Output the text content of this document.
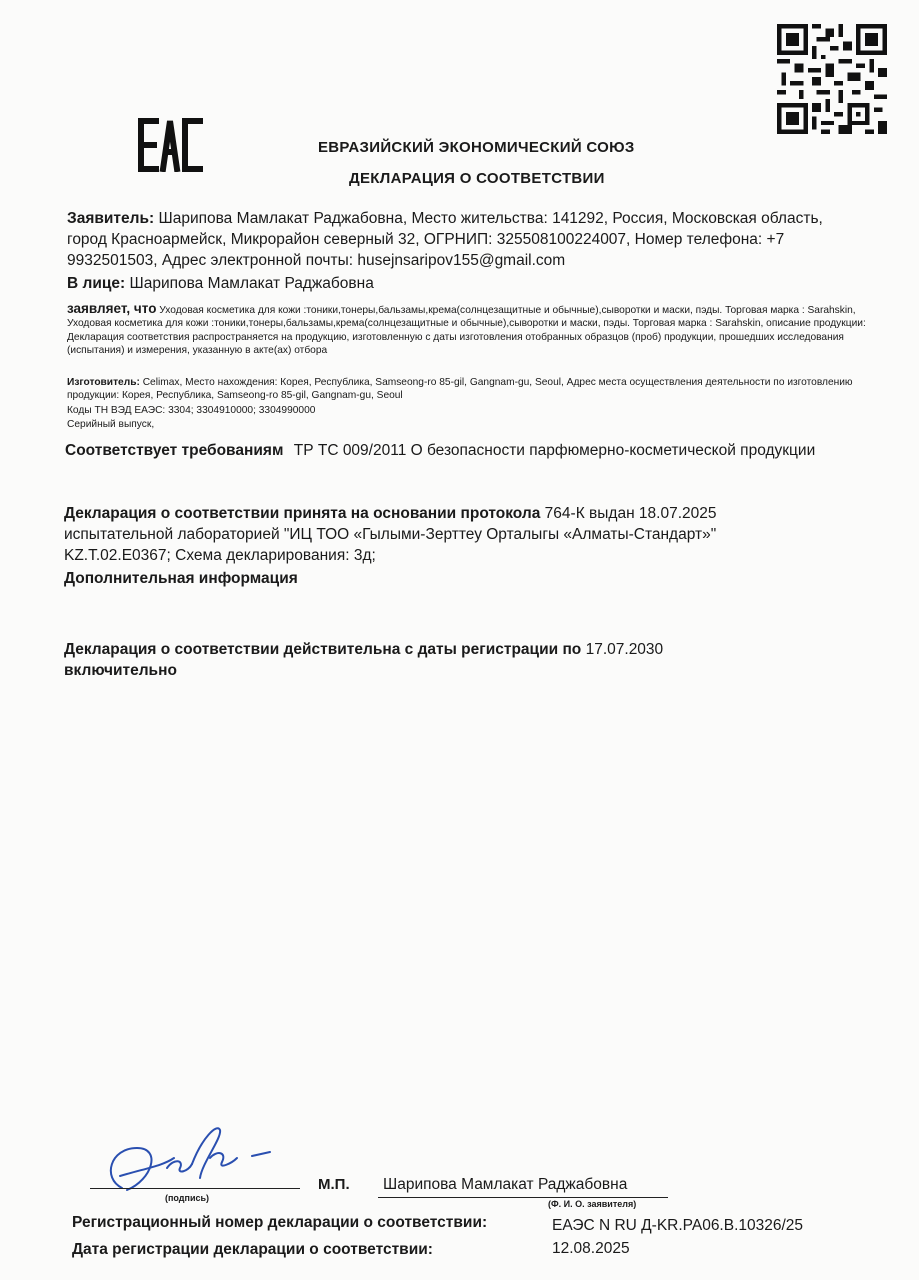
ЕВРАЗИЙСКИЙ ЭКОНОМИЧЕСКИЙ СОЮЗ
ДЕКЛАРАЦИЯ О СООТВЕТСТВИИ
Заявитель: Шарипова Мамлакат Раджабовна, Место жительства: 141292, Россия, Московская область, город Красноармейск, Микрорайон северный 32, ОГРНИП: 325508100224007, Номер телефона: +7 9932501503, Адрес электронной почты: husejnsaripov155@gmail.com
В лице: Шарипова Мамлакат Раджабовна
заявляет, что Уходовая косметика для кожи :тоники,тонеры,бальзамы,крема(солнцезащитные и обычные),сыворотки и маски, пэды. Торговая марка : Sarahskin, Уходовая косметика для кожи :тоники,тонеры,бальзамы,крема(солнцезащитные и обычные),сыворотки и маски, пэды. Торговая марка : Sarahskin, описание продукции: Декларация соответствия распространяется на продукцию, изготовленную с даты изготовления отобранных образцов (проб) продукции, прошедших исследования (испытания) и измерения, указанную в акте(ах) отбора
Изготовитель: Celimax, Место нахождения: Корея, Республика, Samseong-ro 85-gil, Gangnam-gu, Seoul, Адрес места осуществления деятельности по изготовлению продукции: Корея, Республика, Samseong-ro 85-gil, Gangnam-gu, Seoul
Коды ТН ВЭД ЕАЭС: 3304; 3304910000; 3304990000
Серийный выпуск,
Соответствует требованиям ТР ТС 009/2011 О безопасности парфюмерно-косметической продукции
Декларация о соответствии принята на основании протокола 764-К выдан 18.07.2025 испытательной лабораторией "ИЦ ТОО «Гылыми-Зерттеу Орталыгы «Алматы-Стандарт»" KZ.T.02.E0367; Схема декларирования: 3д;
Дополнительная информация
Декларация о соответствии действительна с даты регистрации по 17.07.2030
включительно
(подпись)
М.П. Шарипова Мамлакат Раджабовна
(Ф. И. О. заявителя)
Регистрационный номер декларации о соответствии:	ЕАЭС N RU Д-KR.PA06.B.10326/25
Дата регистрации декларации о соответствии:	12.08.2025
